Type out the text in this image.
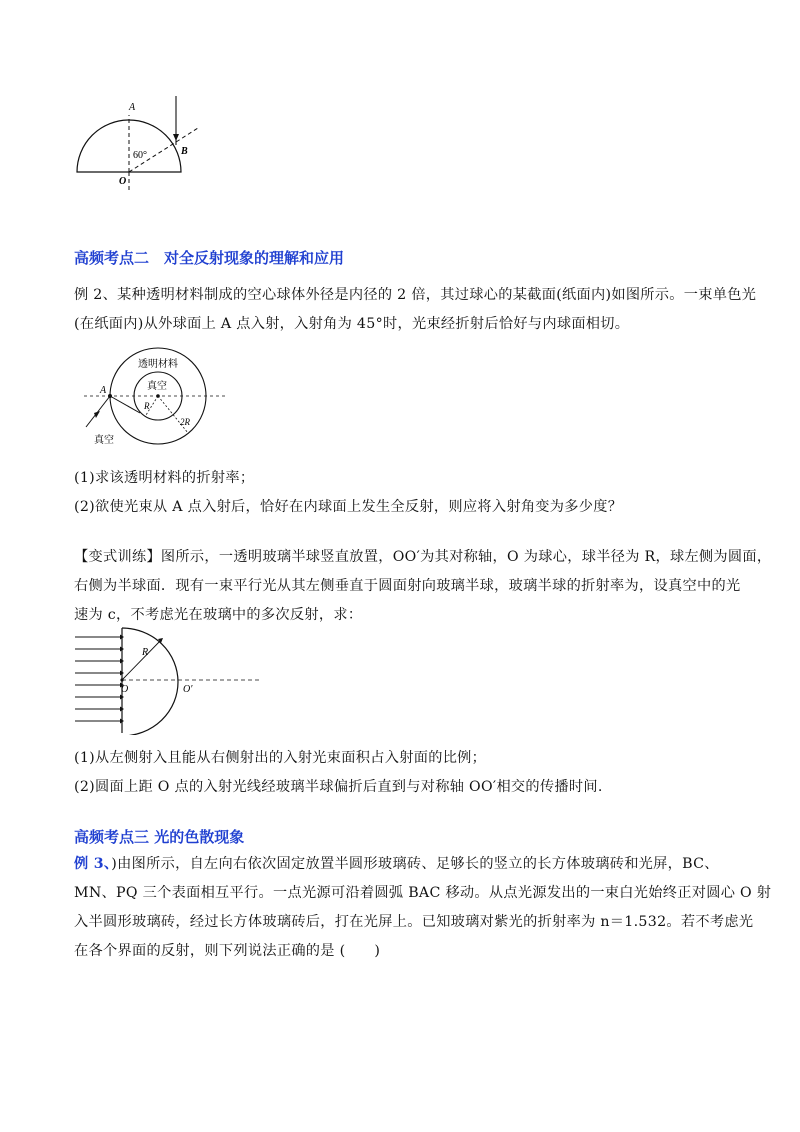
A
B
O
60°
高频考点二　对全反射现象的理解和应用
例 2、某种透明材料制成的空心球体外径是内径的 2 倍，其过球心的某截面(纸面内)如图所示。一束单色光
(在纸面内)从外球面上 A 点入射，入射角为 45°时，光束经折射后恰好与内球面相切。
透明材料
真空
真空
A
R
2R
(1)求该透明材料的折射率；
(2)欲使光束从 A 点入射后，恰好在内球面上发生全反射，则应将入射角变为多少度？
【变式训练】图所示，一透明玻璃半球竖直放置，OO′为其对称轴，O 为球心，球半径为 R，球左侧为圆面，
右侧为半球面．现有一束平行光从其左侧垂直于圆面射向玻璃半球，玻璃半球的折射率为，设真空中的光
速为 c，不考虑光在玻璃中的多次反射，求：
R
O	O′
(1)从左侧射入且能从右侧射出的入射光束面积占入射面的比例；
(2)圆面上距 O 点的入射光线经玻璃半球偏折后直到与对称轴 OO′相交的传播时间.
高频考点三 光的色散现象
例 3、)由图所示，自左向右依次固定放置半圆形玻璃砖、足够长的竖立的长方体玻璃砖和光屏，BC、
MN、PQ 三个表面相互平行。一点光源可沿着圆弧 BAC 移动。从点光源发出的一束白光始终正对圆心 O 射
入半圆形玻璃砖，经过长方体玻璃砖后，打在光屏上。已知玻璃对紫光的折射率为 n＝1.532。若不考虑光
在各个界面的反射，则下列说法正确的是 (　　)
